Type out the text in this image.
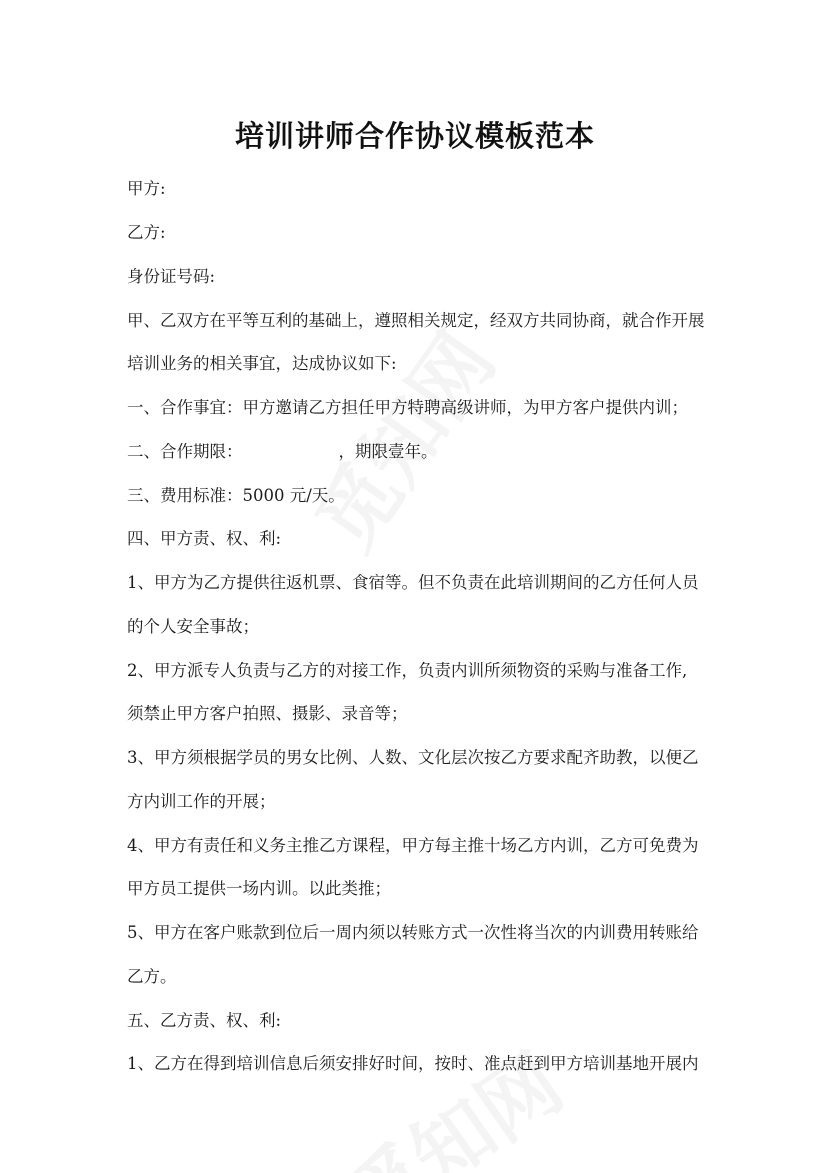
培训讲师合作协议模板范本
甲方:
乙方:
身份证号码:
甲、乙双方在平等互利的基础上，遵照相关规定，经双方共同协商，就合作开展
培训业务的相关事宜，达成协议如下:
一、合作事宜：甲方邀请乙方担任甲方特聘高级讲师，为甲方客户提供内训；
二、合作期限：	，期限壹年。
三、费用标准：5000 元/天。
四、甲方责、权、利:
1、甲方为乙方提供往返机票、食宿等。但不负责在此培训期间的乙方任何人员
的个人安全事故；
2、甲方派专人负责与乙方的对接工作，负责内训所须物资的采购与准备工作,
须禁止甲方客户拍照、摄影、录音等；
3、甲方须根据学员的男女比例、人数、文化层次按乙方要求配齐助教，以便乙
方内训工作的开展；
4、甲方有责任和义务主推乙方课程，甲方每主推十场乙方内训，乙方可免费为
甲方员工提供一场内训。以此类推；
5、甲方在客户账款到位后一周内须以转账方式一次性将当次的内训费用转账给
乙方。
五、乙方责、权、利:
1、乙方在得到培训信息后须安排好时间，按时、准点赶到甲方培训基地开展内
